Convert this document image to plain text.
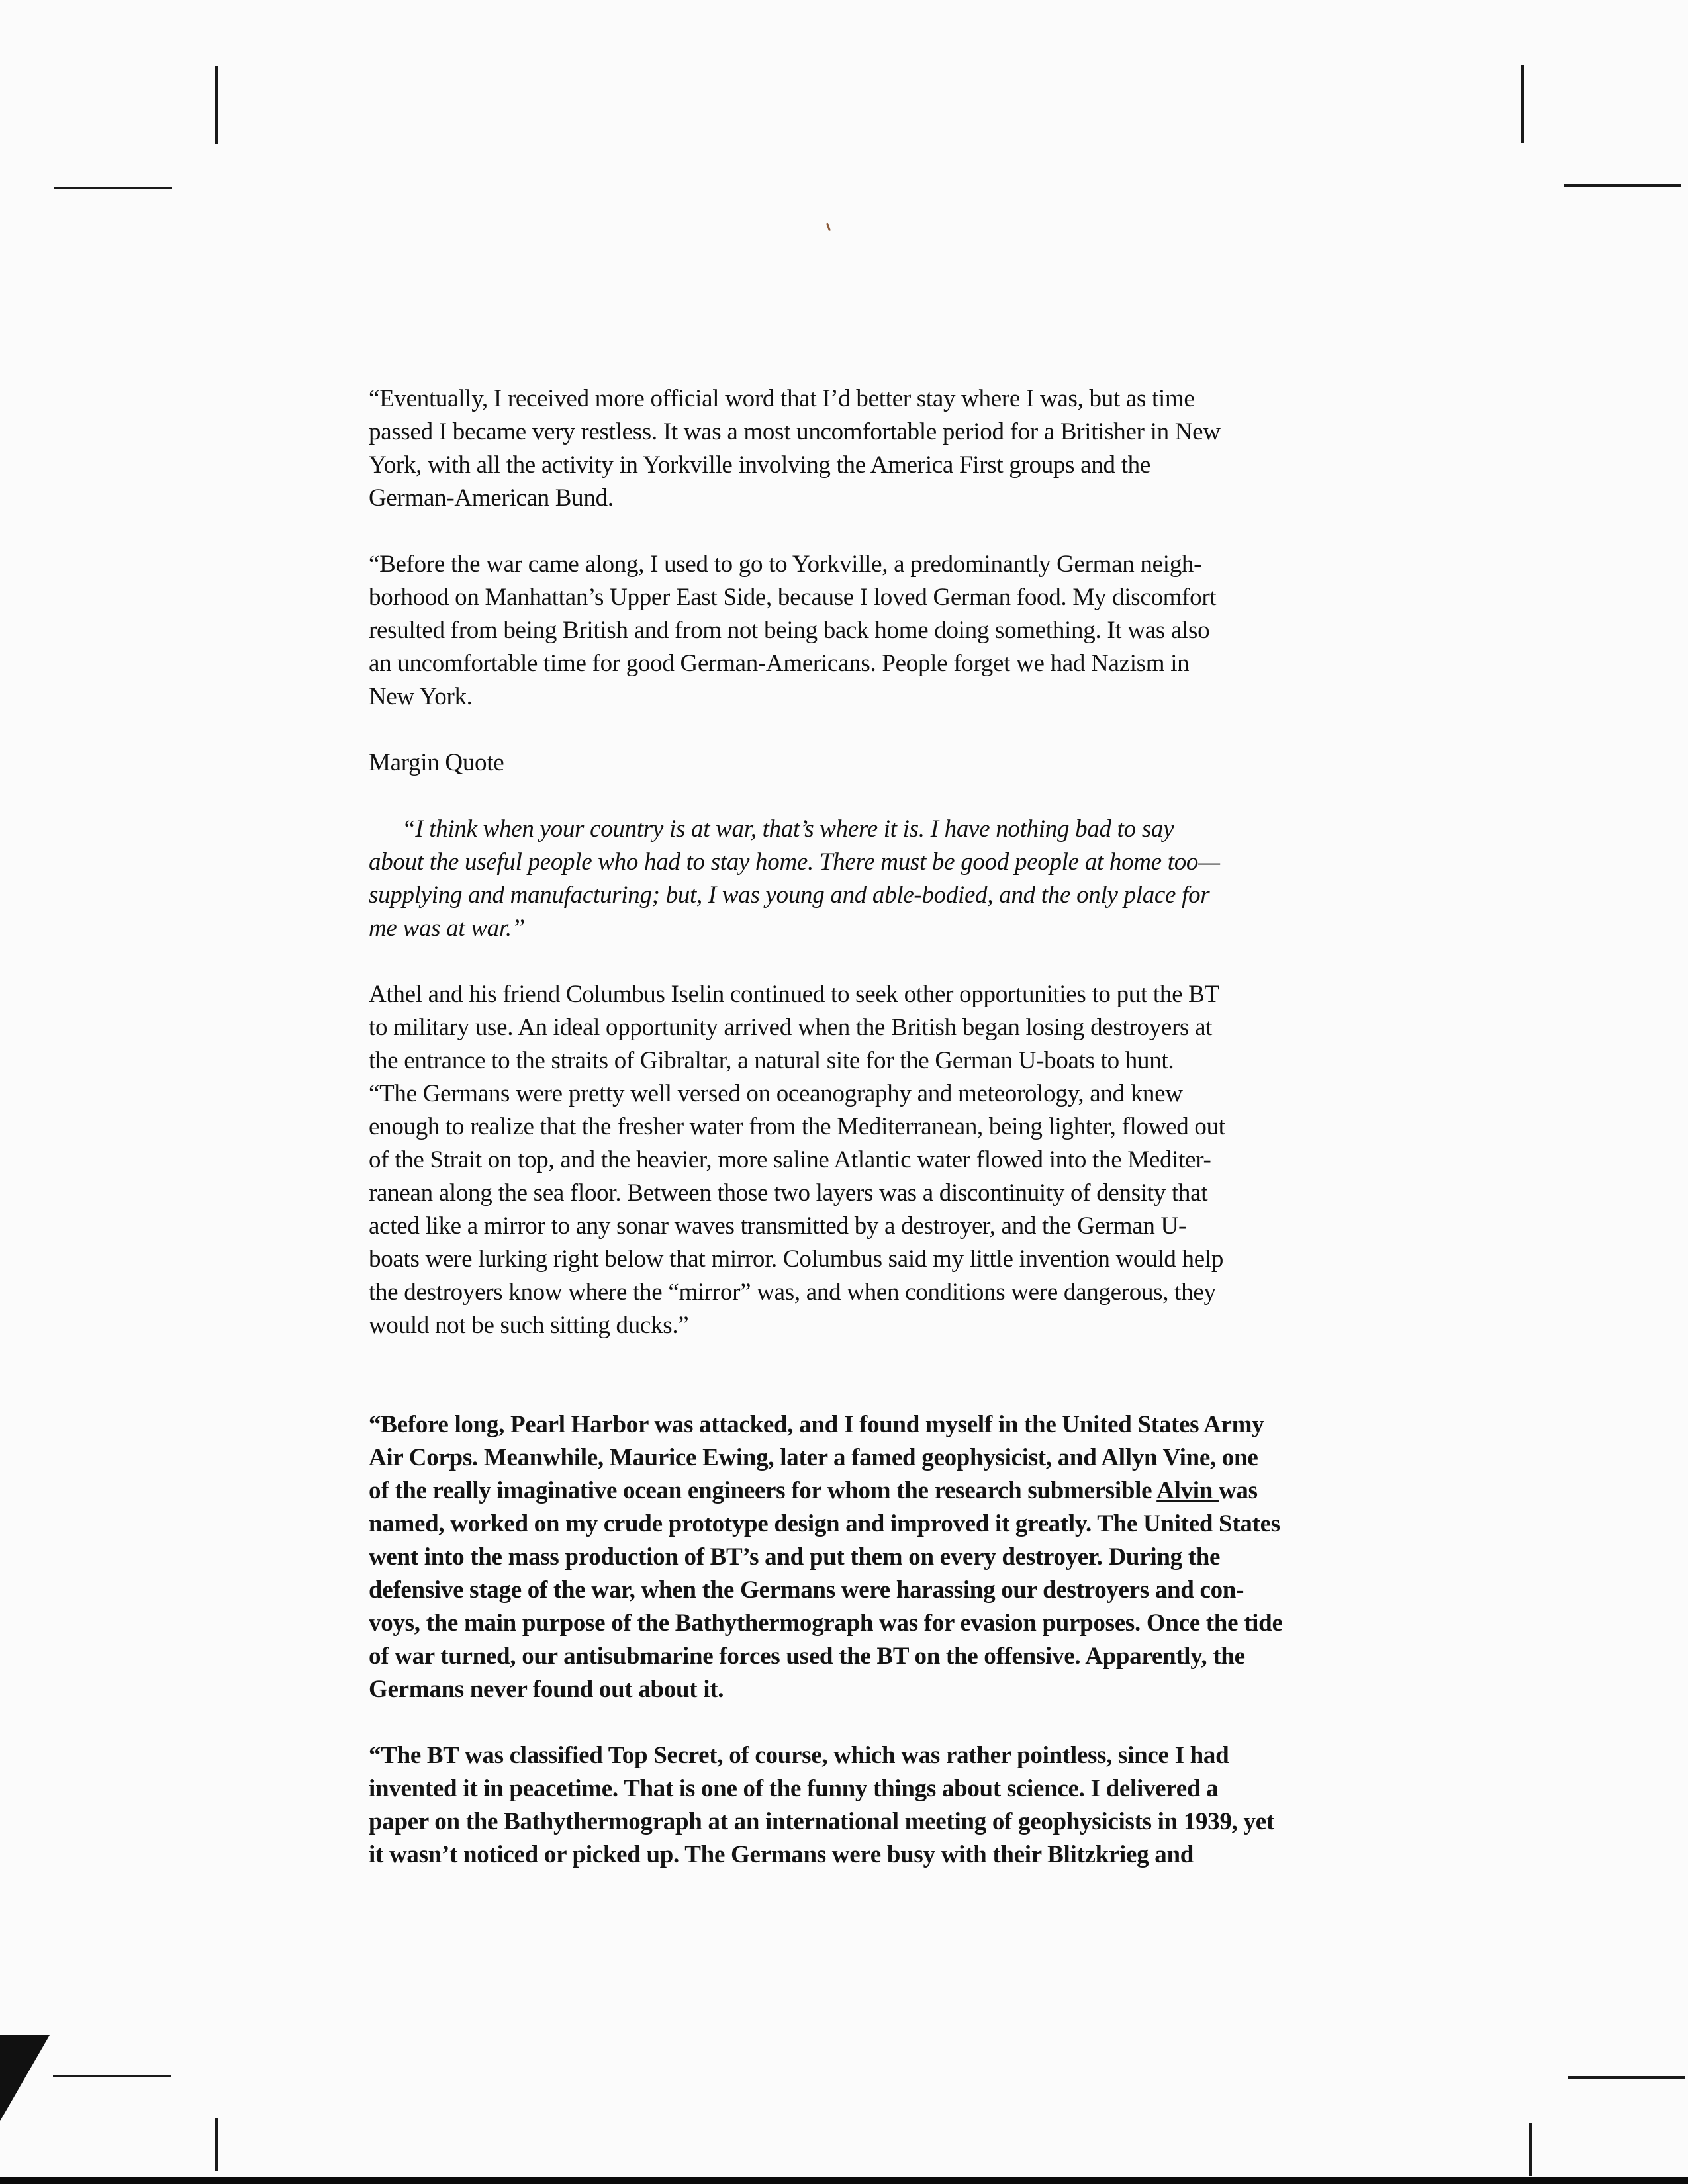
“Eventually, I received more official word that I’d better stay where I was, but as time
passed I became very restless. It was a most uncomfortable period for a Britisher in New
York, with all the activity in Yorkville involving the America First groups and the
German-American Bund.

“Before the war came along, I used to go to Yorkville, a predominantly German neigh-
borhood on Manhattan’s Upper East Side, because I loved German food. My discomfort
resulted from being British and from not being back home doing something. It was also
an uncomfortable time for good German-Americans. People forget we had Nazism in
New York.

Margin Quote

“I think when your country is at war, that’s where it is. I have nothing bad to say
about the useful people who had to stay home. There must be good people at home too—
supplying and manufacturing; but, I was young and able-bodied, and the only place for
me was at war.”

Athel and his friend Columbus Iselin continued to seek other opportunities to put the BT
to military use. An ideal opportunity arrived when the British began losing destroyers at
the entrance to the straits of Gibraltar, a natural site for the German U-boats to hunt.
“The Germans were pretty well versed on oceanography and meteorology, and knew
enough to realize that the fresher water from the Mediterranean, being lighter, flowed out
of the Strait on top, and the heavier, more saline Atlantic water flowed into the Mediter-
ranean along the sea floor. Between those two layers was a discontinuity of density that
acted like a mirror to any sonar waves transmitted by a destroyer, and the German U-
boats were lurking right below that mirror. Columbus said my little invention would help
the destroyers know where the “mirror” was, and when conditions were dangerous, they
would not be such sitting ducks.”

“Before long, Pearl Harbor was attacked, and I found myself in the United States Army
Air Corps. Meanwhile, Maurice Ewing, later a famed geophysicist, and Allyn Vine, one
of the really imaginative ocean engineers for whom the research submersible Alvin was
named, worked on my crude prototype design and improved it greatly. The United States
went into the mass production of BT’s and put them on every destroyer. During the
defensive stage of the war, when the Germans were harassing our destroyers and con-
voys, the main purpose of the Bathythermograph was for evasion purposes. Once the tide
of war turned, our antisubmarine forces used the BT on the offensive. Apparently, the
Germans never found out about it.

“The BT was classified Top Secret, of course, which was rather pointless, since I had
invented it in peacetime. That is one of the funny things about science. I delivered a
paper on the Bathythermograph at an international meeting of geophysicists in 1939, yet
it wasn’t noticed or picked up. The Germans were busy with their Blitzkrieg and
